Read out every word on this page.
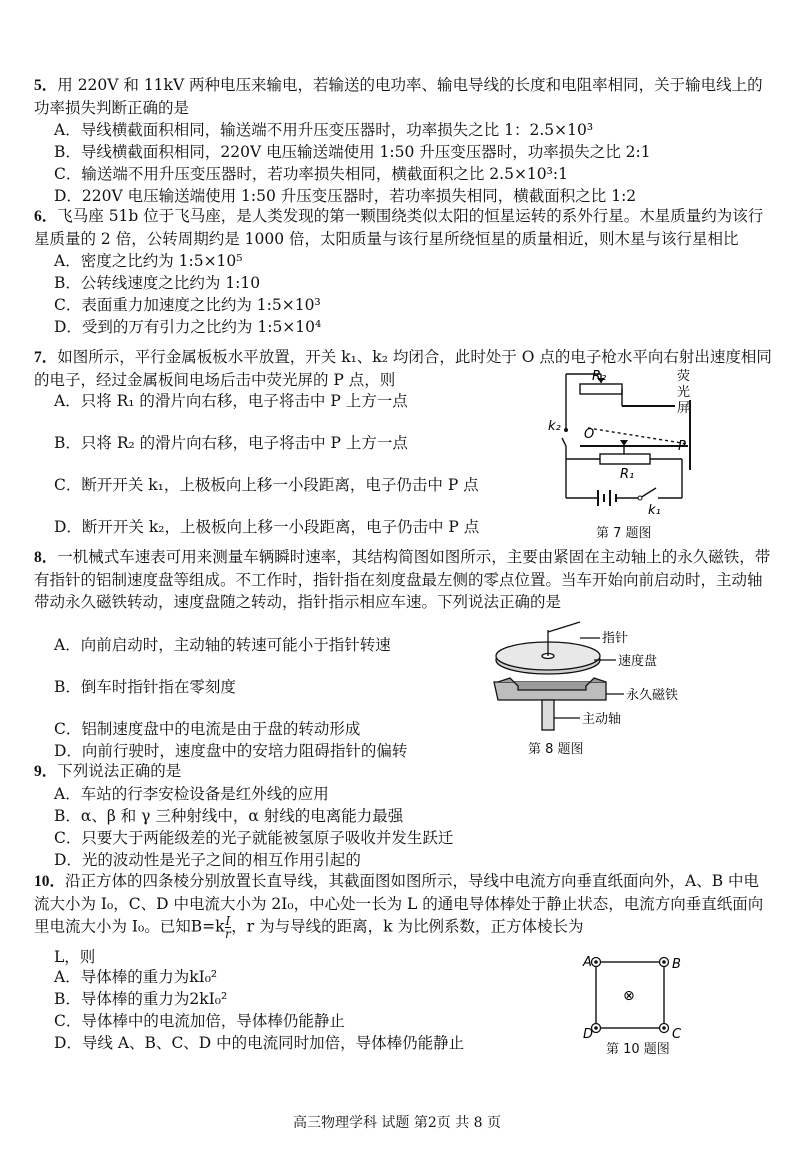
5．用 220V 和 11kV 两种电压来输电，若输送的电功率、输电导线的长度和电阻率相同，关于输电线上的功率损失判断正确的是

A．导线横截面积相同，输送端不用升压变压器时，功率损失之比 1：2.5×10³

B．导线横截面积相同，220V 电压输送端使用 1:50 升压变压器时，功率损失之比 2:1

C．输送端不用升压变压器时，若功率损失相同，横截面积之比 2.5×10³:1

D．220V 电压输送端使用 1:50 升压变压器时，若功率损失相同，横截面积之比 1:2

6．飞马座 51b 位于飞马座，是人类发现的第一颗围绕类似太阳的恒星运转的系外行星。木星质量约为该行星质量的 2 倍，公转周期约是 1000 倍，太阳质量与该行星所绕恒星的质量相近，则木星与该行星相比

A．密度之比约为 1:5×10⁵

B．公转线速度之比约为 1:10

C．表面重力加速度之比约为 1:5×10³

D．受到的万有引力之比约为 1:5×10⁴

7．如图所示，平行金属板板水平放置，开关 k₁、k₂ 均闭合，此时处于 O 点的电子枪水平向右射出速度相同的电子，经过金属板间电场后击中荧光屏的 P 点，则

A．只将 R₁ 的滑片向右移，电子将击中 P 上方一点

B．只将 R₂ 的滑片向右移，电子将击中 P 上方一点

C．断开开关 k₁，上极板向上移一小段距离，电子仍击中 P 点

D．断开开关 k₂，上极板向上移一小段距离，电子仍击中 P 点

R₂
R₁
k₂
k₁
O
P
荧
光
屏
第 7 题图

8．一机械式车速表可用来测量车辆瞬时速率，其结构简图如图所示，主要由紧固在主动轴上的永久磁铁，带有指针的铝制速度盘等组成。不工作时，指针指在刻度盘最左侧的零点位置。当车开始向前启动时，主动轴带动永久磁铁转动，速度盘随之转动，指针指示相应车速。下列说法正确的是

A．向前启动时，主动轴的转速可能小于指针转速

B．倒车时指针指在零刻度

C．铝制速度盘中的电流是由于盘的转动形成

D．向前行驶时，速度盘中的安培力阻碍指针的偏转

指针
速度盘
永久磁铁
主动轴
第 8 题图

9．下列说法正确的是

A．车站的行李安检设备是红外线的应用

B．α、β 和 γ 三种射线中，α 射线的电离能力最强

C．只要大于两能级差的光子就能被氢原子吸收并发生跃迁

D．光的波动性是光子之间的相互作用引起的

10．沿正方体的四条棱分别放置长直导线，其截面图如图所示，导线中电流方向垂直纸面向外，A、B 中电流大小为 I₀，C、D 中电流大小为 2I₀，中心处一长为 L 的通电导体棒处于静止状态，电流方向垂直纸面向里电流大小为 I₀。已知$B=k \frac{I}{r}$ ，r 为与导线的距离，k 为比例系数，正方体棱长为

L，则

A．导体棒的重力为kI₀²

B．导体棒的重力为2kI₀²

C．导体棒中的电流加倍，导体棒仍能静止

D．导线 A、B、C、D 中的电流同时加倍，导体棒仍能静止

A	B
C
D
⊗
第 10 题图
高三物理学科 试题 第2页 共 8 页
